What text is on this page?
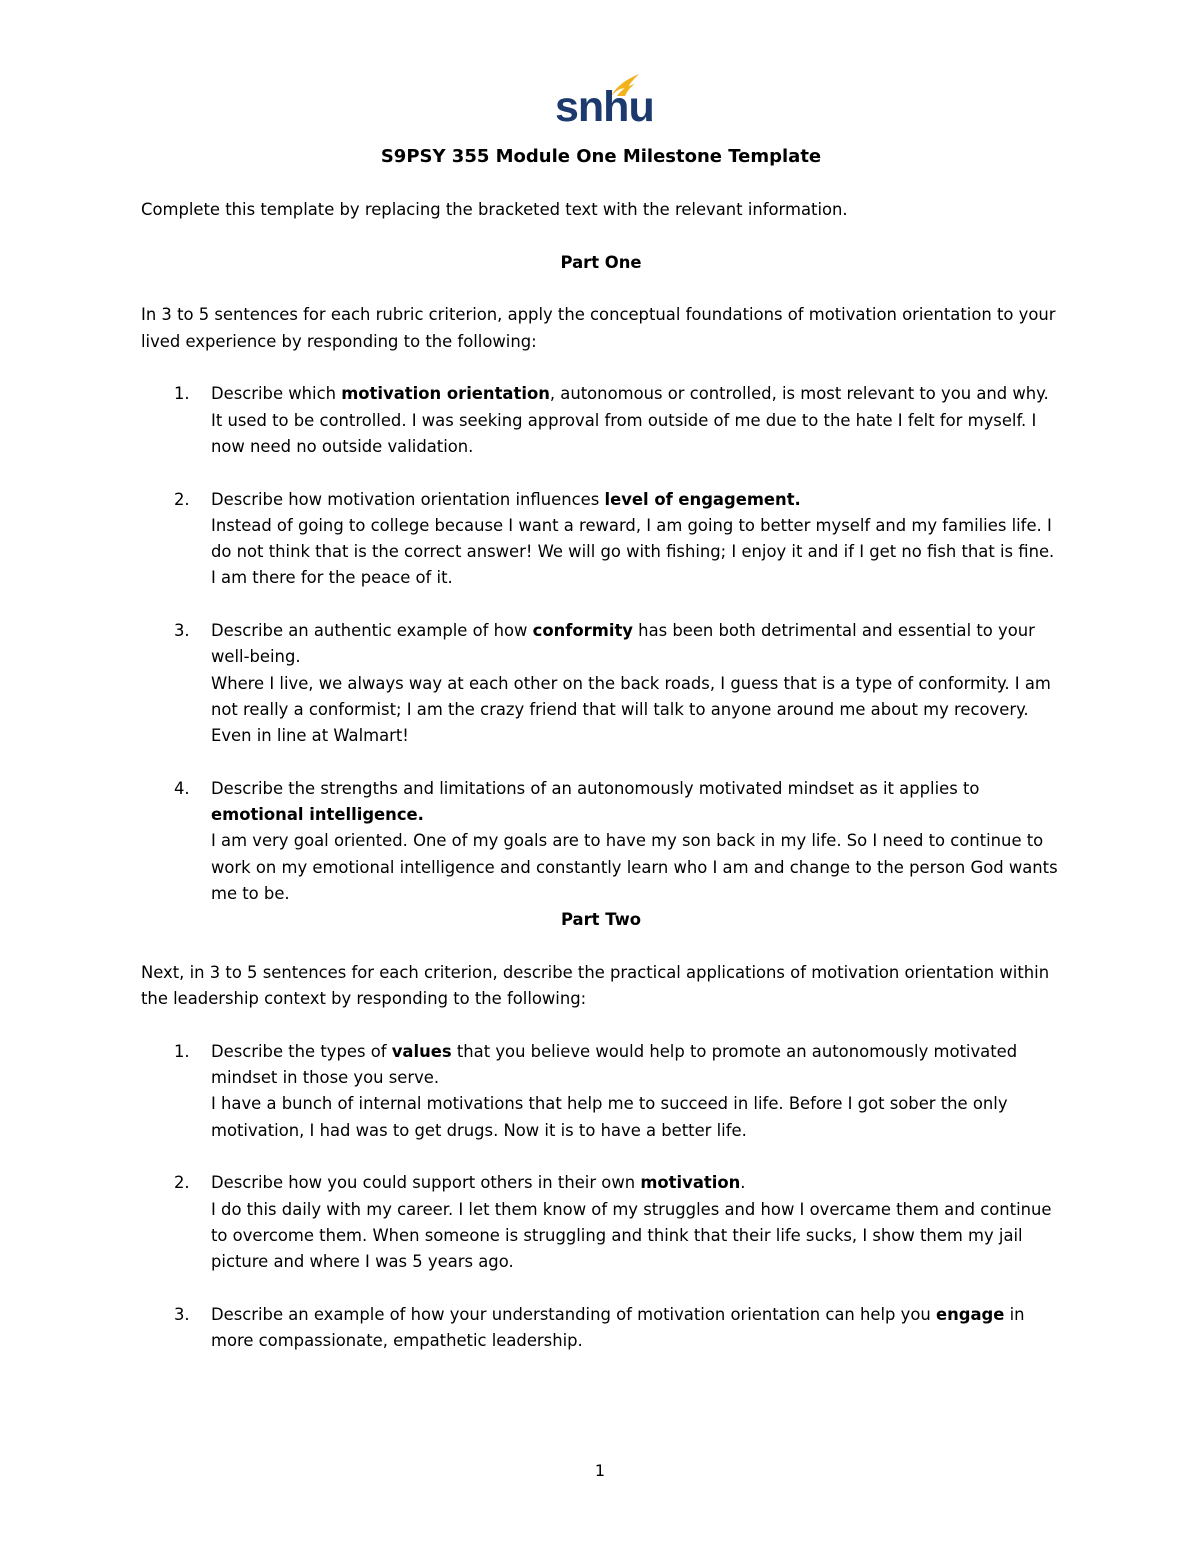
snhu

S9PSY 355 Module One Milestone Template

Complete this template by replacing the bracketed text with the relevant information.

Part One

In 3 to 5 sentences for each rubric criterion, apply the conceptual foundations of motivation orientation to your lived experience by responding to the following:

1. Describe which motivation orientation, autonomous or controlled, is most relevant to you and why.

It used to be controlled. I was seeking approval from outside of me due to the hate I felt for myself. I now need no outside validation.

2. Describe how motivation orientation influences level of engagement.

Instead of going to college because I want a reward, I am going to better myself and my families life. I do not think that is the correct answer! We will go with fishing; I enjoy it and if I get no fish that is fine. I am there for the peace of it.

3. Describe an authentic example of how conformity has been both detrimental and essential to your well-being.

Where I live, we always way at each other on the back roads, I guess that is a type of conformity. I am not really a conformist; I am the crazy friend that will talk to anyone around me about my recovery. Even in line at Walmart!

4. Describe the strengths and limitations of an autonomously motivated mindset as it applies to emotional intelligence.

I am very goal oriented. One of my goals are to have my son back in my life. So I need to continue to work on my emotional intelligence and constantly learn who I am and change to the person God wants me to be.

Part Two

Next, in 3 to 5 sentences for each criterion, describe the practical applications of motivation orientation within the leadership context by responding to the following:

1. Describe the types of values that you believe would help to promote an autonomously motivated mindset in those you serve.

I have a bunch of internal motivations that help me to succeed in life. Before I got sober the only motivation, I had was to get drugs. Now it is to have a better life.

2. Describe how you could support others in their own motivation.

I do this daily with my career. I let them know of my struggles and how I overcame them and continue to overcome them. When someone is struggling and think that their life sucks, I show them my jail picture and where I was 5 years ago.

3. Describe an example of how your understanding of motivation orientation can help you engage in more compassionate, empathetic leadership.

1
